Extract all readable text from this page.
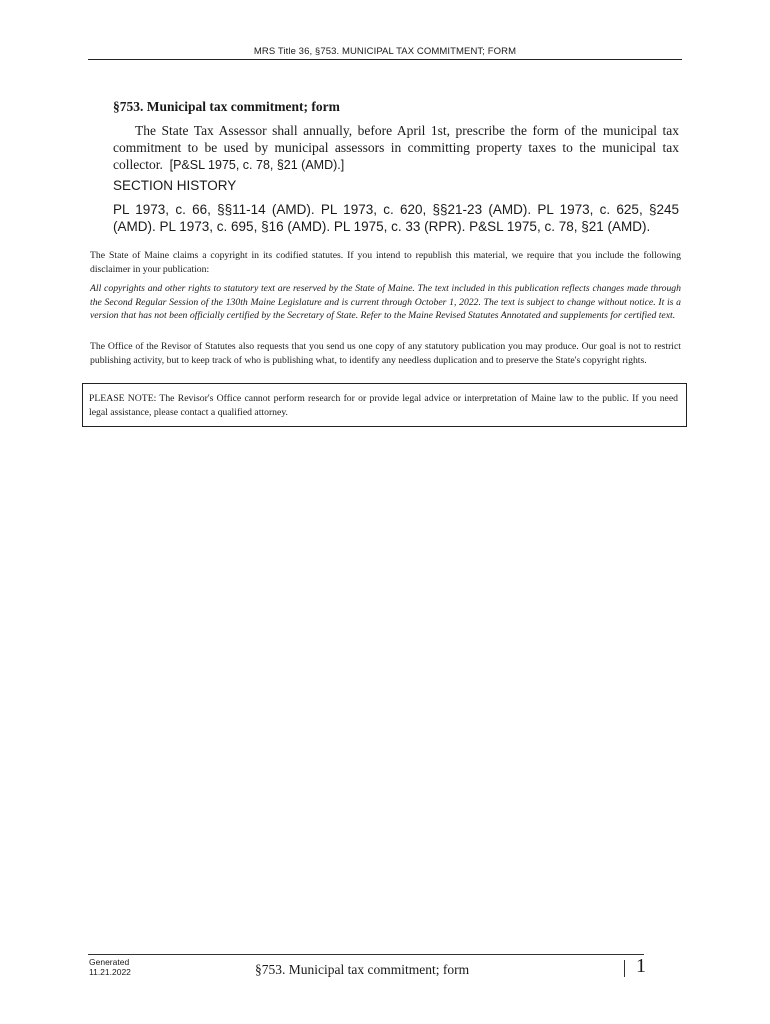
MRS Title 36, §753. MUNICIPAL TAX COMMITMENT; FORM
§753. Municipal tax commitment; form
The State Tax Assessor shall annually, before April 1st, prescribe the form of the municipal tax commitment to be used by municipal assessors in committing property taxes to the municipal tax collector. [P&SL 1975, c. 78, §21 (AMD).]
SECTION HISTORY
PL 1973, c. 66, §§11-14 (AMD). PL 1973, c. 620, §§21-23 (AMD). PL 1973, c. 625, §245 (AMD). PL 1973, c. 695, §16 (AMD). PL 1975, c. 33 (RPR). P&SL 1975, c. 78, §21 (AMD).
The State of Maine claims a copyright in its codified statutes. If you intend to republish this material, we require that you include the following disclaimer in your publication:
All copyrights and other rights to statutory text are reserved by the State of Maine. The text included in this publication reflects changes made through the Second Regular Session of the 130th Maine Legislature and is current through October 1, 2022. The text is subject to change without notice. It is a version that has not been officially certified by the Secretary of State. Refer to the Maine Revised Statutes Annotated and supplements for certified text.
The Office of the Revisor of Statutes also requests that you send us one copy of any statutory publication you may produce. Our goal is not to restrict publishing activity, but to keep track of who is publishing what, to identify any needless duplication and to preserve the State's copyright rights.
PLEASE NOTE: The Revisor's Office cannot perform research for or provide legal advice or interpretation of Maine law to the public. If you need legal assistance, please contact a qualified attorney.
Generated
11.21.2022	§753. Municipal tax commitment; form	1
